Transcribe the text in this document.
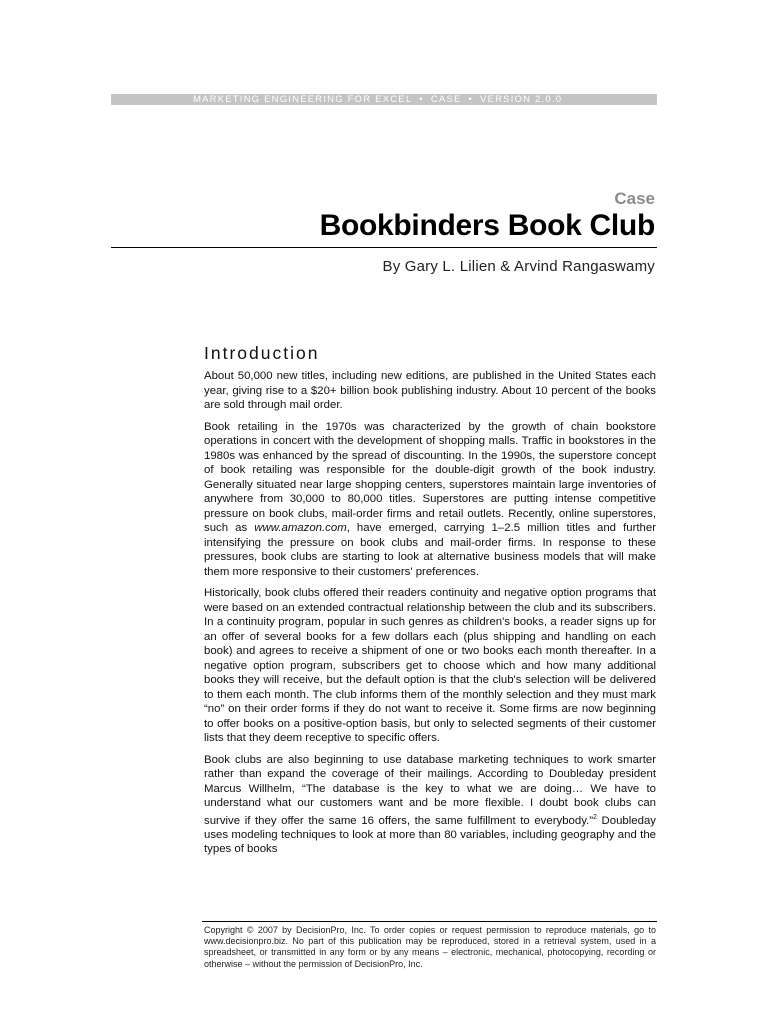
MARKETING ENGINEERING FOR EXCEL • CASE • VERSION 2.0.0
Case
Bookbinders Book Club
By Gary L. Lilien & Arvind Rangaswamy
Introduction

About 50,000 new titles, including new editions, are published in the United States each year, giving rise to a $20+ billion book publishing industry. About 10 percent of the books are sold through mail order.

Book retailing in the 1970s was characterized by the growth of chain bookstore operations in concert with the development of shopping malls. Traffic in bookstores in the 1980s was enhanced by the spread of discounting. In the 1990s, the superstore concept of book retailing was responsible for the double-digit growth of the book industry. Generally situated near large shopping centers, superstores maintain large inventories of anywhere from 30,000 to 80,000 titles. Superstores are putting intense competitive pressure on book clubs, mail-order firms and retail outlets. Recently, online superstores, such as www.amazon.com, have emerged, carrying 1–2.5 million titles and further intensifying the pressure on book clubs and mail-order firms. In response to these pressures, book clubs are starting to look at alternative business models that will make them more responsive to their customers' preferences.

Historically, book clubs offered their readers continuity and negative option programs that were based on an extended contractual relationship between the club and its subscribers. In a continuity program, popular in such genres as children's books, a reader signs up for an offer of several books for a few dollars each (plus shipping and handling on each book) and agrees to receive a shipment of one or two books each month thereafter. In a negative option program, subscribers get to choose which and how many additional books they will receive, but the default option is that the club's selection will be delivered to them each month. The club informs them of the monthly selection and they must mark “no” on their order forms if they do not want to receive it. Some firms are now beginning to offer books on a positive-option basis, but only to selected segments of their customer lists that they deem receptive to specific offers.

Book clubs are also beginning to use database marketing techniques to work smarter rather than expand the coverage of their mailings. According to Doubleday president Marcus Willhelm, “The database is the key to what we are doing… We have to understand what our customers want and be more flexible. I doubt book clubs can survive if they offer the same 16 offers, the same fulfillment to everybody.”$^2$ Doubleday uses modeling techniques to look at more than 80 variables, including geography and the types of books

Copyright © 2007 by DecisionPro, Inc. To order copies or request permission to reproduce materials, go to www.decisionpro.biz. No part of this publication may be reproduced, stored in a retrieval system, used in a spreadsheet, or transmitted in any form or by any means – electronic, mechanical, photocopying, recording or otherwise – without the permission of DecisionPro, Inc.
